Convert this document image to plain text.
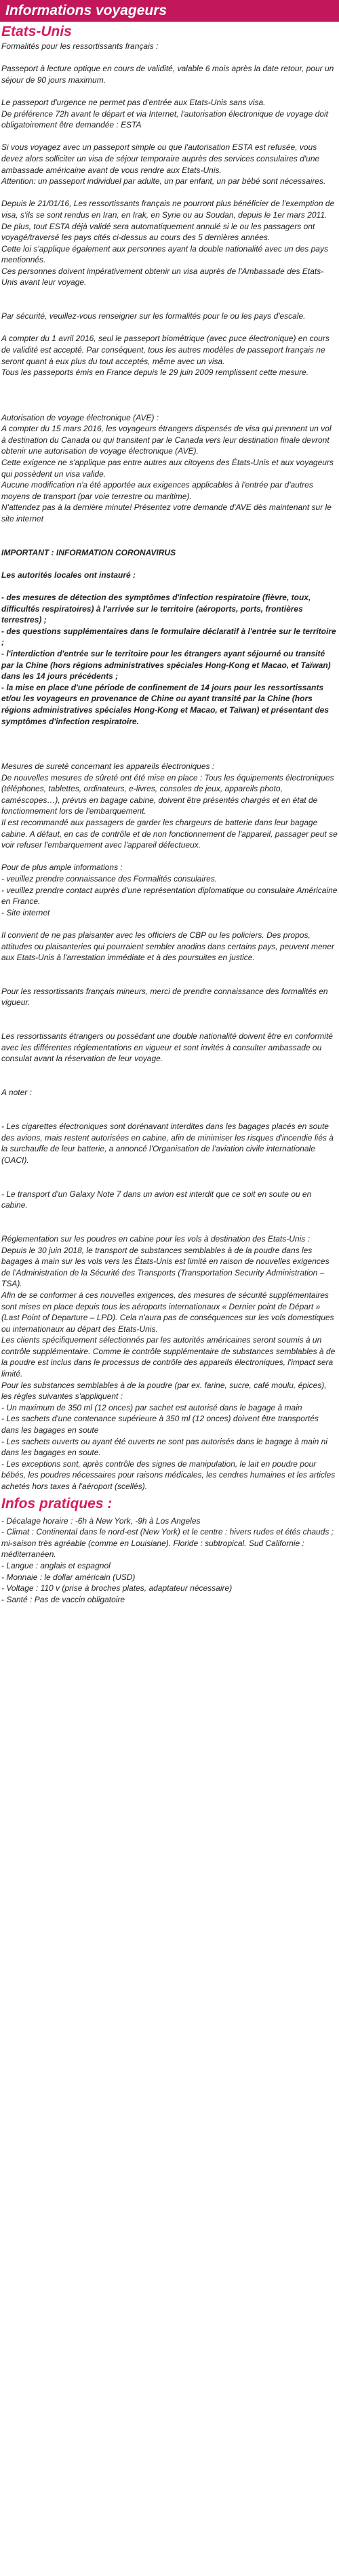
Informations voyageurs
Etats-Unis

Formalités pour les ressortissants français :

Passeport à lecture optique en cours de validité, valable 6 mois après la date retour, pour un séjour de 90 jours maximum.

Le passeport d'urgence ne permet pas d'entrée aux Etats-Unis sans visa.

De préférence 72h avant le départ et via Internet, l'autorisation électronique de voyage doit obligatoirement être demandée : ESTA

Si vous voyagez avec un passeport simple ou que l'autorisation ESTA est refusée, vous devez alors solliciter un visa de séjour temporaire auprès des services consulaires d'une ambassade américaine avant de vous rendre aux Etats-Unis.

Attention: un passeport individuel par adulte, un par enfant, un par bébé sont nécessaires.

Depuis le 21/01/16, Les ressortissants français ne pourront plus bénéficier de l'exemption de visa, s'ils se sont rendus en Iran, en Irak, en Syrie ou au Soudan, depuis le 1er mars 2011.

De plus, tout ESTA déjà validé sera automatiquement annulé si le ou les passagers ont voyagé/traversé les pays cités ci-dessus au cours des 5 dernières années.

Cette loi s'applique également aux personnes ayant la double nationalité avec un des pays mentionnés.

Ces personnes doivent impérativement obtenir un visa auprès de l'Ambassade des Etats-Unis avant leur voyage.

Par sécurité, veuillez-vous renseigner sur les formalités pour le ou les pays d'escale.

A compter du 1 avril 2016, seul le passeport biométrique (avec puce électronique) en cours de validité est accepté. Par conséquent, tous les autres modèles de passeport français ne seront quant à eux plus du tout acceptés, même avec un visa.

Tous les passeports émis en France depuis le 29 juin 2009 remplissent cette mesure.

Autorisation de voyage électronique (AVE) :

A compter du 15 mars 2016, les voyageurs étrangers dispensés de visa qui prennent un vol à destination du Canada ou qui transitent par le Canada vers leur destination finale devront obtenir une autorisation de voyage électronique (AVE).

Cette exigence ne s'applique pas entre autres aux citoyens des États-Unis et aux voyageurs qui possèdent un visa valide.

Aucune modification n'a été apportée aux exigences applicables à l'entrée par d'autres moyens de transport (par voie terrestre ou maritime).

N'attendez pas à la dernière minute! Présentez votre demande d'AVE dès maintenant sur le site internet

IMPORTANT : INFORMATION CORONAVIRUS

Les autorités locales ont instauré :

- des mesures de détection des symptômes d'infection respiratoire (fièvre, toux, difficultés respiratoires) à l'arrivée sur le territoire (aéroports, ports, frontières terrestres) ;

- des questions supplémentaires dans le formulaire déclaratif à l'entrée sur le territoire ;

- l'interdiction d'entrée sur le territoire pour les étrangers ayant séjourné ou transité par la Chine (hors régions administratives spéciales Hong-Kong et Macao, et Taïwan) dans les 14 jours précédents ;

- la mise en place d'une période de confinement de 14 jours pour les ressortissants et/ou les voyageurs en provenance de Chine ou ayant transité par la Chine (hors régions administratives spéciales Hong-Kong et Macao, et Taïwan) et présentant des symptômes d'infection respiratoire.

Mesures de sureté concernant les appareils électroniques :

De nouvelles mesures de sûreté ont été mise en place : Tous les équipements électroniques (téléphones, tablettes, ordinateurs, e-livres, consoles de jeux, appareils photo, caméscopes…), prévus en bagage cabine, doivent être présentés chargés et en état de fonctionnement lors de l'embarquement.

Il est recommandé aux passagers de garder les chargeurs de batterie dans leur bagage cabine. A défaut, en cas de contrôle et de non fonctionnement de l'appareil, passager peut se voir refuser l'embarquement avec l'appareil défectueux.

Pour de plus ample informations :

- veuillez prendre connaissance des Formalités consulaires.

- veuillez prendre contact auprès d'une représentation diplomatique ou consulaire Américaine en France.

- Site internet

Il convient de ne pas plaisanter avec les officiers de CBP ou les policiers. Des propos, attitudes ou plaisanteries qui pourraient sembler anodins dans certains pays, peuvent mener aux Etats-Unis à l'arrestation immédiate et à des poursuites en justice.

Pour les ressortissants français mineurs, merci de prendre connaissance des formalités en vigueur.

Les ressortissants étrangers ou possédant une double nationalité doivent être en conformité avec les différentes réglementations en vigueur et sont invités à consulter ambassade ou consulat avant la réservation de leur voyage.

A noter :

- Les cigarettes électroniques sont dorénavant interdites dans les bagages placés en soute des avions, mais restent autorisées en cabine, afin de minimiser les risques d'incendie liés à la surchauffe de leur batterie, a annoncé l'Organisation de l'aviation civile internationale (OACI).

- Le transport d'un Galaxy Note 7 dans un avion est interdit que ce soit en soute ou en cabine.

Réglementation sur les poudres en cabine pour les vols à destination des Etats-Unis :

Depuis le 30 juin 2018, le transport de substances semblables à de la poudre dans les bagages à main sur les vols vers les États-Unis est limité en raison de nouvelles exigences de l'Administration de la Sécurité des Transports (Transportation Security Administration – TSA).

Afin de se conformer à ces nouvelles exigences, des mesures de sécurité supplémentaires sont mises en place depuis tous les aéroports internationaux « Dernier point de Départ » (Last Point of Departure – LPD). Cela n'aura pas de conséquences sur les vols domestiques ou internationaux au départ des Etats-Unis.

Les clients spécifiquement sélectionnés par les autorités américaines seront soumis à un contrôle supplémentaire. Comme le contrôle supplémentaire de substances semblables à de la poudre est inclus dans le processus de contrôle des appareils électroniques, l'impact sera limité.

Pour les substances semblables à de la poudre (par ex. farine, sucre, café moulu, épices), les règles suivantes s'appliquent :

- Un maximum de 350 ml (12 onces) par sachet est autorisé dans le bagage à main

- Les sachets d'une contenance supérieure à 350 ml (12 onces) doivent être transportés dans les bagages en soute

- Les sachets ouverts ou ayant été ouverts ne sont pas autorisés dans le bagage à main ni dans les bagages en soute.

- Les exceptions sont, après contrôle des signes de manipulation, le lait en poudre pour bébés, les poudres nécessaires pour raisons médicales, les cendres humaines et les articles achetés hors taxes à l'aéroport (scellés).

Infos pratiques :

- Décalage horaire : -6h à New York, -9h à Los Angeles

- Climat : Continental dans le nord-est (New York) et le centre : hivers rudes et étés chauds ; mi-saison très agréable (comme en Louisiane). Floride : subtropical. Sud Californie : méditerranéen.

- Langue : anglais et espagnol

- Monnaie : le dollar américain (USD)

- Voltage : 110 v (prise à broches plates, adaptateur nécessaire)

- Santé : Pas de vaccin obligatoire
